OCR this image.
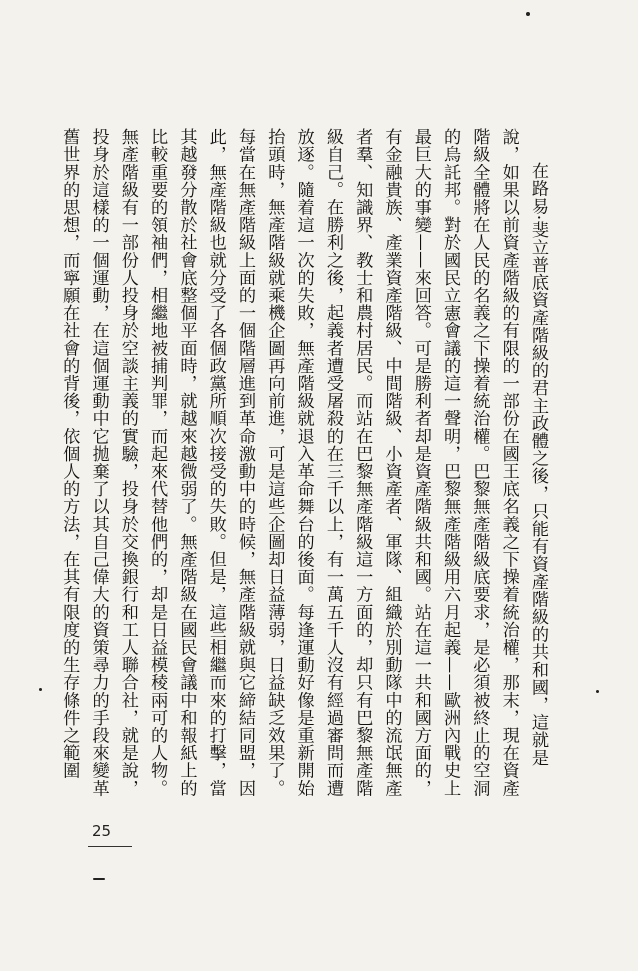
在路易·斐立普底資產階級的君主政體之後，只能有資產階級的共和國，這就是
說，如果以前資產階級的有限的一部份在國王底名義之下操着統治權，那末，現在資產
階級全體將在人民的名義之下操着統治權。巴黎無產階級底要求，是必須被終止的空洞
的烏託邦。對於國民立憲會議的這一聲明，巴黎無產階級用六月起義——歐洲內戰史上
最巨大的事變——來回答。可是勝利者却是資產階級共和國。站在這一共和國方面的，
有金融貴族、產業資產階級、中間階級、小資產者、軍隊、組織於別動隊中的流氓無產
者羣、知識界、教士和農村居民。而站在巴黎無產階級這一方面的，却只有巴黎無產階
級自己。在勝利之後，起義者遭受屠殺的在三千以上，有一萬五千人沒有經過審問而遭
放逐。隨着這一次的失敗，無產階級就退入革命舞台的後面。每逢運動好像是重新開始
抬頭時，無產階級就乘機企圖再向前進，可是這些企圖却日益薄弱，日益缺乏效果了。
每當在無產階級上面的一個階層進到革命激動中的時候，無產階級就與它締結同盟，因
此，無產階級也就分受了各個政黨所順次接受的失敗。但是，這些相繼而來的打擊，當
其越發分散於社會底整個平面時，就越來越微弱了。無產階級在國民會議中和報紙上的
比較重要的領袖們，相繼地被捕判罪，而起來代替他們的，却是日益模稜兩可的人物。
無產階級有一部份人投身於空談主義的實驗，投身於交換銀行和工人聯合社，就是說，
投身於這樣的一個運動，在這個運動中它拋棄了以其自己偉大的資策尋力的手段來變革
舊世界的思想，而寧願在社會的背後，依個人的方法，在其有限度的生存條件之範圍
25
